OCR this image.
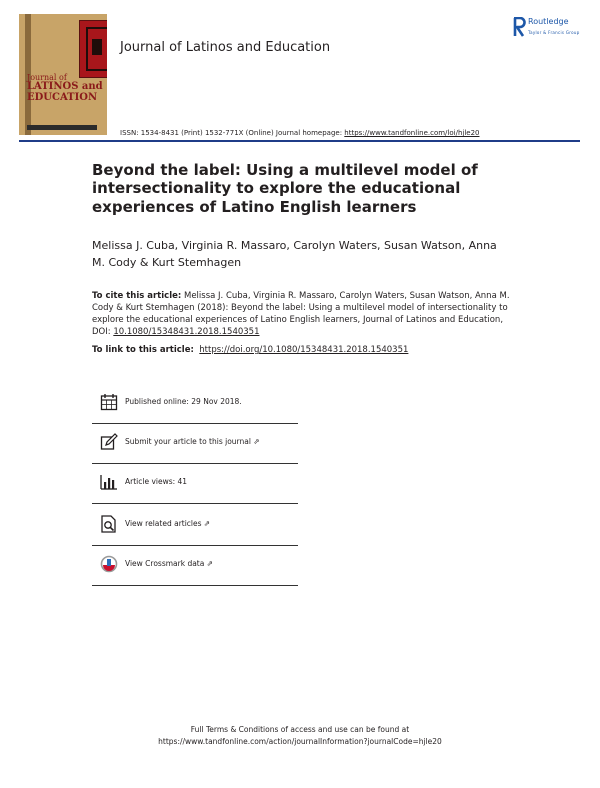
Journal of
LATINOS and
EDUCATION
Journal of Latinos and Education
Routledge
Taylor & Francis Group
ISSN: 1534-8431 (Print) 1532-771X (Online) Journal homepage: https://www.tandfonline.com/loi/hjle20
Beyond the label: Using a multilevel model of intersectionality to explore the educational experiences of Latino English learners
Melissa J. Cuba, Virginia R. Massaro, Carolyn Waters, Susan Watson, Anna M. Cody & Kurt Stemhagen
To cite this article: Melissa J. Cuba, Virginia R. Massaro, Carolyn Waters, Susan Watson, Anna M. Cody & Kurt Stemhagen (2018): Beyond the label: Using a multilevel model of intersectionality to explore the educational experiences of Latino English learners, Journal of Latinos and Education, DOI: 10.1080/15348431.2018.1540351
To link to this article: https://doi.org/10.1080/15348431.2018.1540351
Published online: 29 Nov 2018.
Submit your article to this journal ⇗
Article views: 41
View related articles ⇗
View Crossmark data ⇗
Full Terms & Conditions of access and use can be found at
https://www.tandfonline.com/action/journalInformation?journalCode=hjle20
